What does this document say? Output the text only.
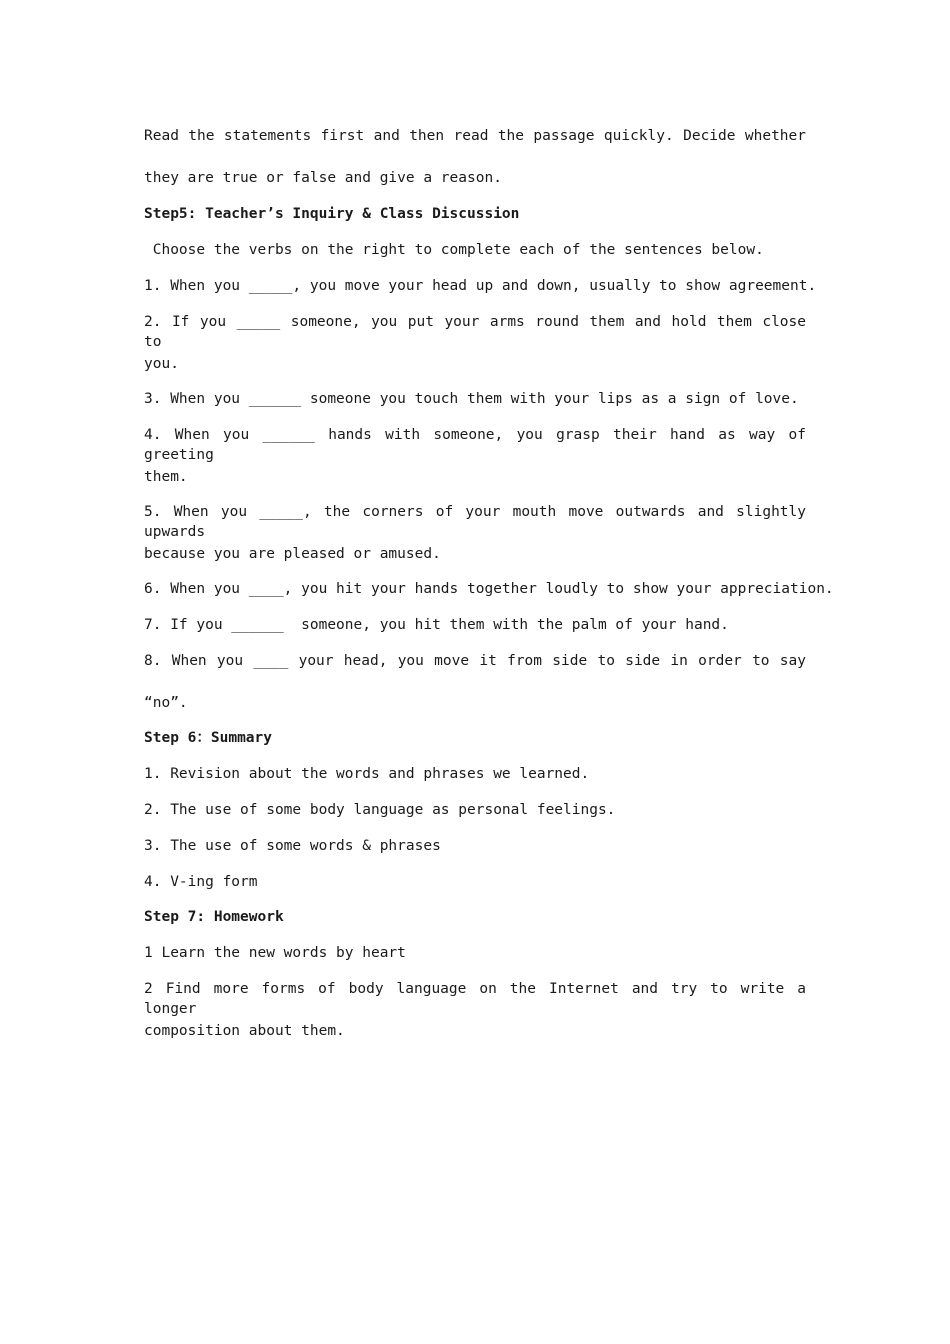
Read the statements first and then read the passage quickly. Decide whether
they are true or false and give a reason.
Step5: Teacher’s Inquiry & Class Discussion
Choose the verbs on the right to complete each of the sentences below.
1. When you _____, you move your head up and down, usually to show agreement.
2. If you _____ someone, you put your arms round them and hold them close to
you.
3. When you ______ someone you touch them with your lips as a sign of love.
4. When you ______ hands with someone, you grasp their hand as way of greeting
them.
5. When you _____, the corners of your mouth move outwards and slightly upwards
because you are pleased or amused.
6. When you ____, you hit your hands together loudly to show your appreciation.
7. If you ______  someone, you hit them with the palm of your hand.
8. When you ____ your head, you move it from side to side in order to say
“no”.
Step 6：Summary
1. Revision about the words and phrases we learned.
2. The use of some body language as personal feelings.
3. The use of some words & phrases
4. V-ing form
Step 7: Homework
1 Learn the new words by heart
2 Find more forms of body language on the Internet and try to write a longer
composition about them.
